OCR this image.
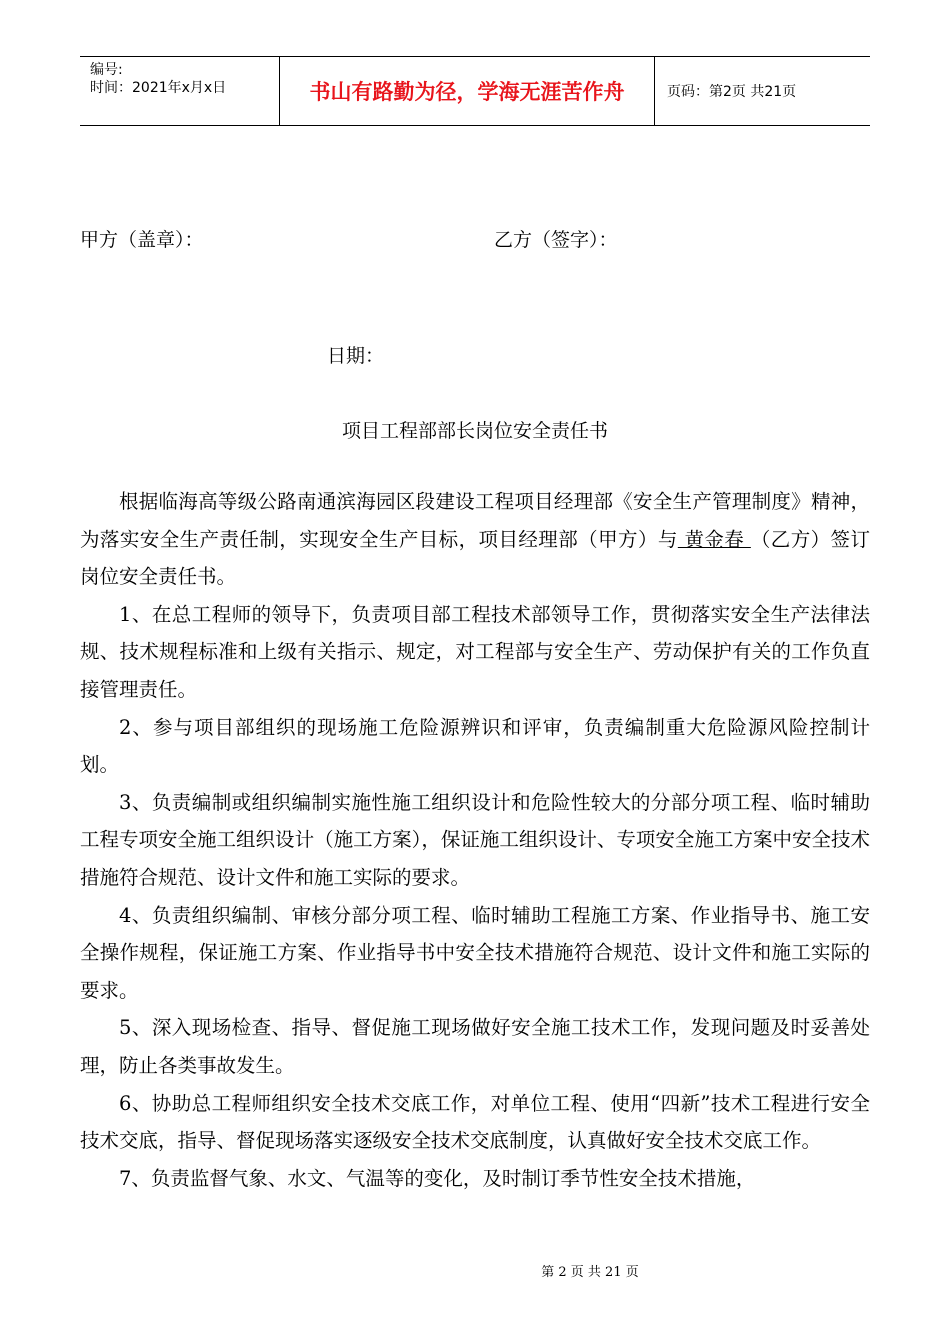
编号:
时间：2021年x月x日	书山有路勤为径，学海无涯苦作舟	页码：第2页 共21页
甲方（盖章）：	乙方（签字）：
日期：
项目工程部部长岗位安全责任书

根据临海高等级公路南通滨海园区段建设工程项目经理部《安全生产管理制度》精神，为落实安全生产责任制，实现安全生产目标，项目经理部（甲方）与 黄金春 （乙方）签订岗位安全责任书。

1、在总工程师的领导下，负责项目部工程技术部领导工作，贯彻落实安全生产法律法规、技术规程标准和上级有关指示、规定，对工程部与安全生产、劳动保护有关的工作负直接管理责任。

2、参与项目部组织的现场施工危险源辨识和评审，负责编制重大危险源风险控制计划。

3、负责编制或组织编制实施性施工组织设计和危险性较大的分部分项工程、临时辅助工程专项安全施工组织设计（施工方案），保证施工组织设计、专项安全施工方案中安全技术措施符合规范、设计文件和施工实际的要求。

4、负责组织编制、审核分部分项工程、临时辅助工程施工方案、作业指导书、施工安全操作规程，保证施工方案、作业指导书中安全技术措施符合规范、设计文件和施工实际的要求。

5、深入现场检查、指导、督促施工现场做好安全施工技术工作，发现问题及时妥善处理，防止各类事故发生。

6、协助总工程师组织安全技术交底工作，对单位工程、使用“四新”技术工程进行安全技术交底，指导、督促现场落实逐级安全技术交底制度，认真做好安全技术交底工作。

7、负责监督气象、水文、气温等的变化，及时制订季节性安全技术措施，

第 2 页 共 21 页
